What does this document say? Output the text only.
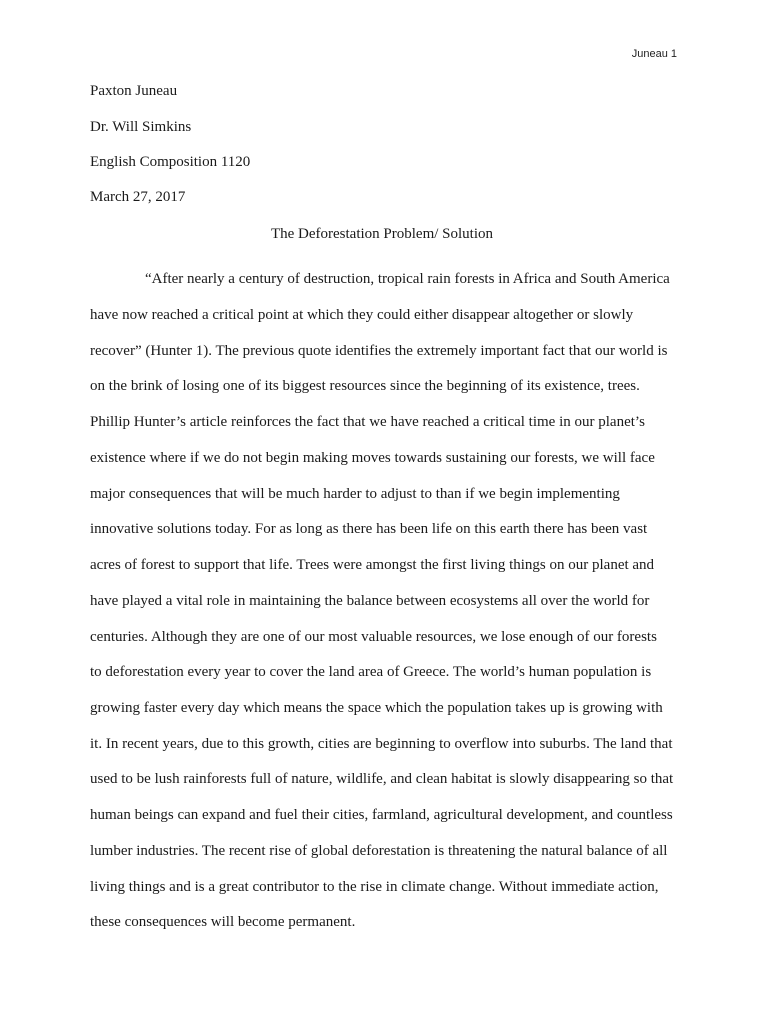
Juneau 1
Paxton Juneau
Dr. Will Simkins
English Composition 1120
March 27, 2017
The Deforestation Problem/ Solution
“After nearly a century of destruction, tropical rain forests in Africa and South America
have now reached a critical point at which they could either disappear altogether or slowly
recover” (Hunter 1). The previous quote identifies the extremely important fact that our world is
on the brink of losing one of its biggest resources since the beginning of its existence, trees.
Phillip Hunter’s article reinforces the fact that we have reached a critical time in our planet’s
existence where if we do not begin making moves towards sustaining our forests, we will face
major consequences that will be much harder to adjust to than if we begin implementing
innovative solutions today. For as long as there has been life on this earth there has been vast
acres of forest to support that life. Trees were amongst the first living things on our planet and
have played a vital role in maintaining the balance between ecosystems all over the world for
centuries. Although they are one of our most valuable resources, we lose enough of our forests
to deforestation every year to cover the land area of Greece. The world’s human population is
growing faster every day which means the space which the population takes up is growing with
it. In recent years, due to this growth, cities are beginning to overflow into suburbs. The land that
used to be lush rainforests full of nature, wildlife, and clean habitat is slowly disappearing so that
human beings can expand and fuel their cities, farmland, agricultural development, and countless
lumber industries. The recent rise of global deforestation is threatening the natural balance of all
living things and is a great contributor to the rise in climate change. Without immediate action,
these consequences will become permanent.
